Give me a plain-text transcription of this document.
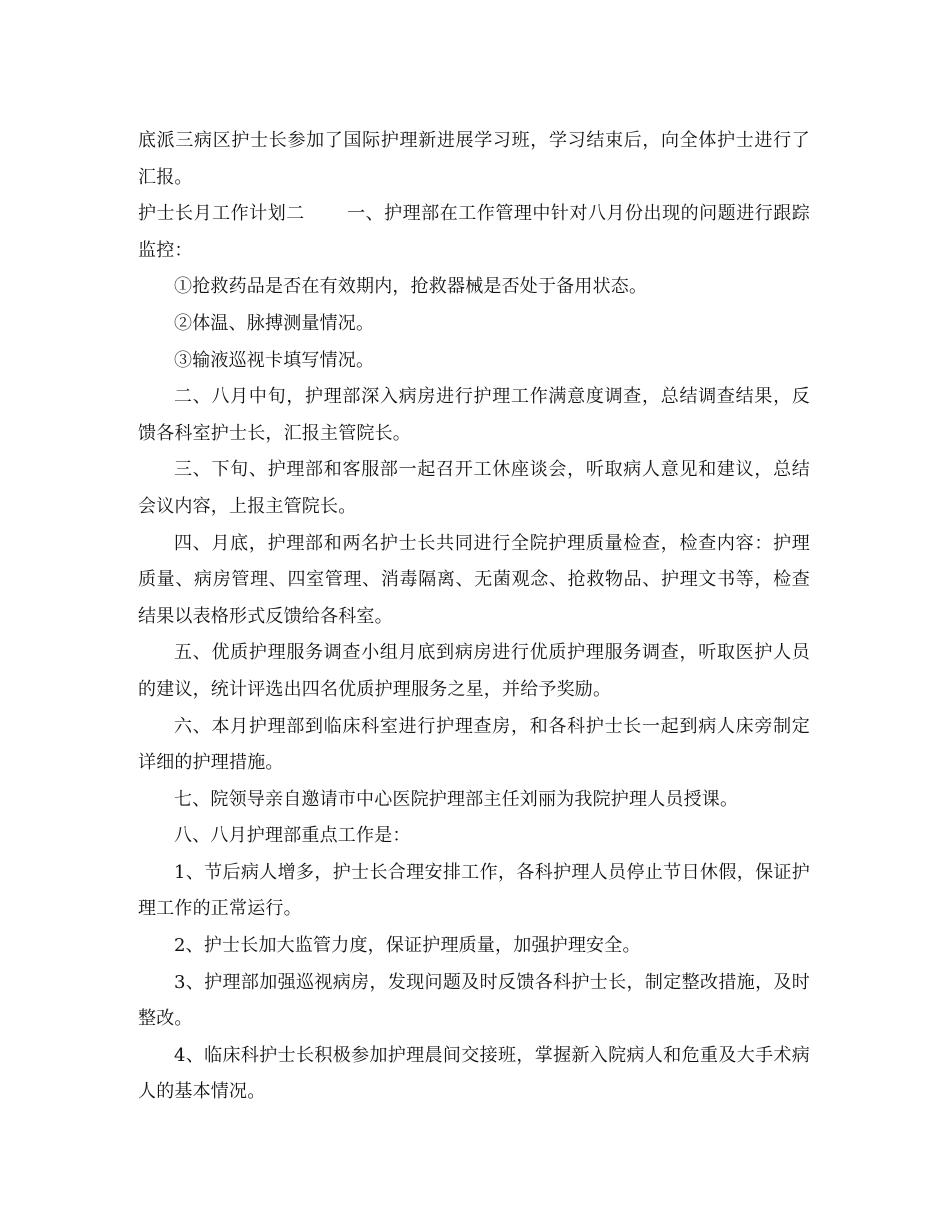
底派三病区护士长参加了国际护理新进展学习班，学习结束后，向全体护士进行了汇报。

护士长月工作计划二 一、护理部在工作管理中针对八月份出现的问题进行跟踪监控：

①抢救药品是否在有效期内，抢救器械是否处于备用状态。

②体温、脉搏测量情况。

③输液巡视卡填写情况。

二、八月中旬，护理部深入病房进行护理工作满意度调查，总结调查结果，反馈各科室护士长，汇报主管院长。

三、下旬、护理部和客服部一起召开工休座谈会，听取病人意见和建议，总结会议内容，上报主管院长。

四、月底，护理部和两名护士长共同进行全院护理质量检查，检查内容：护理质量、病房管理、四室管理、消毒隔离、无菌观念、抢救物品、护理文书等，检查结果以表格形式反馈给各科室。

五、优质护理服务调查小组月底到病房进行优质护理服务调查，听取医护人员的建议，统计评选出四名优质护理服务之星，并给予奖励。

六、本月护理部到临床科室进行护理查房，和各科护士长一起到病人床旁制定详细的护理措施。

七、院领导亲自邀请市中心医院护理部主任刘丽为我院护理人员授课。

八、八月护理部重点工作是：

1、节后病人增多，护士长合理安排工作，各科护理人员停止节日休假，保证护理工作的正常运行。

2、护士长加大监管力度，保证护理质量，加强护理安全。

3、护理部加强巡视病房，发现问题及时反馈各科护士长，制定整改措施，及时整改。

4、临床科护士长积极参加护理晨间交接班，掌握新入院病人和危重及大手术病人的基本情况。
